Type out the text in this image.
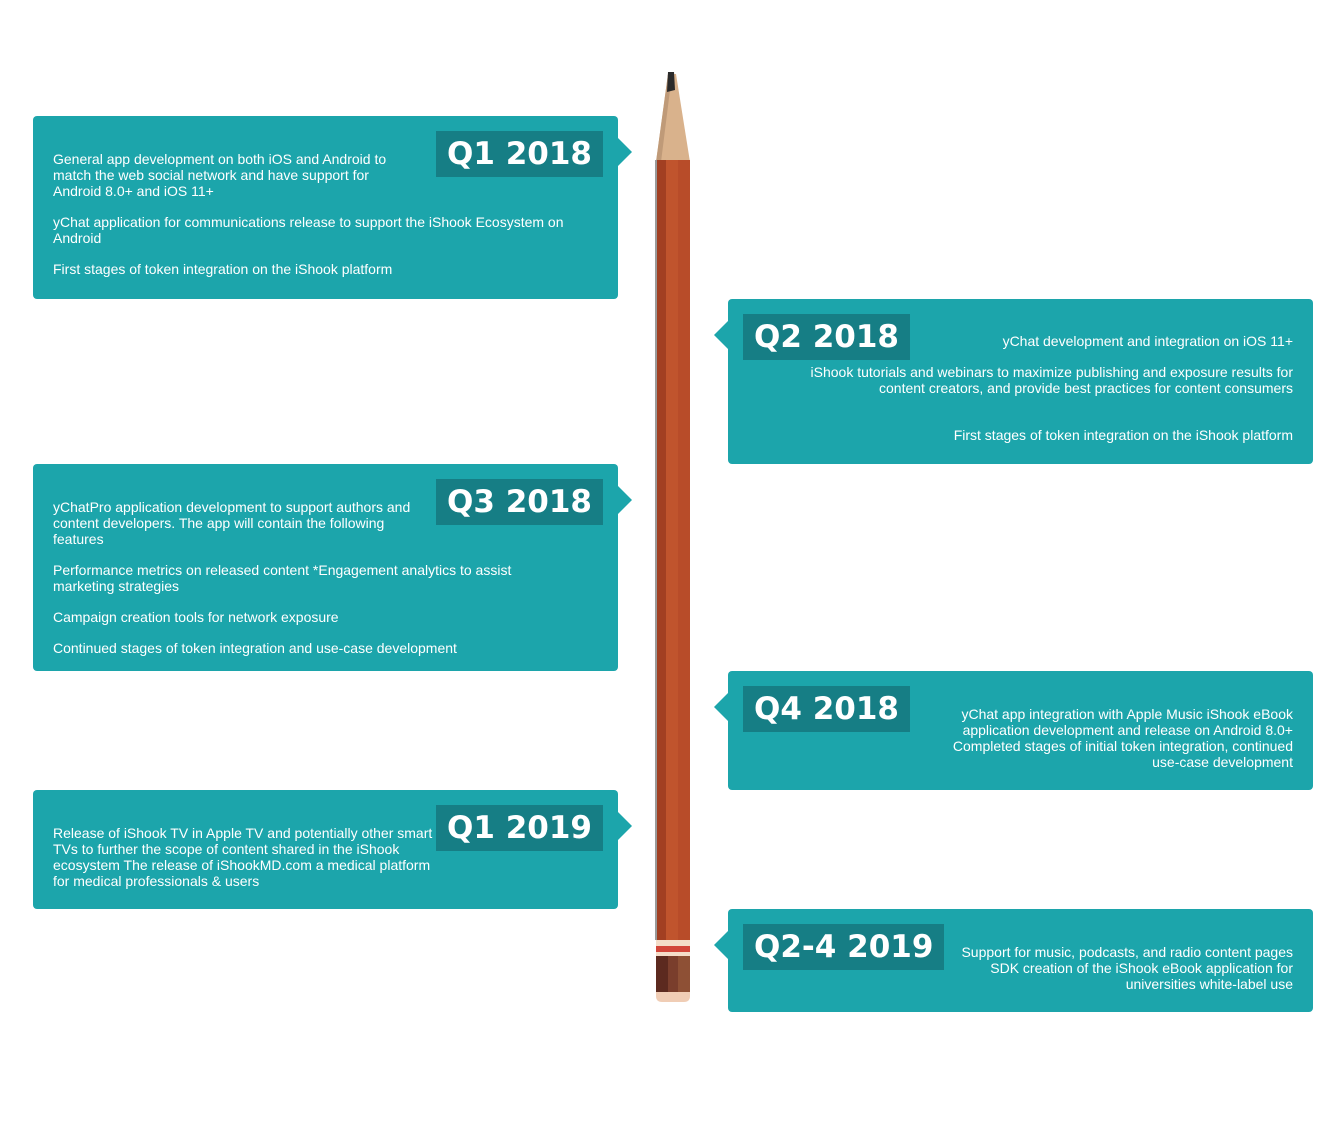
Q1 2018

General app development on both iOS and Android to match the web social network and have support for Android 8.0+ and iOS 11+

yChat application for communications release to support the iShook Ecosystem on Android

First stages of token integration on the iShook platform

Q2 2018	yChat development and integration on iOS 11+

iShook tutorials and webinars to maximize publishing and exposure results for content creators, and provide best practices for content consumers

First stages of token integration on the iShook platform

Q3 2018

yChatPro application development to support authors and content developers. The app will contain the following features

Performance metrics on released content *Engagement analytics to assist marketing strategies

Campaign creation tools for network exposure

Continued stages of token integration and use-case development

Q4 2018	yChat app integration with Apple Music iShook eBook application development and release on Android 8.0+ Completed stages of initial token integration, continued use-case development

Q1 2019

Release of iShook TV in Apple TV and potentially other smart TVs to further the scope of content shared in the iShook ecosystem The release of iShookMD.com a medical platform for medical professionals & users

Q2-4 2019	Support for music, podcasts, and radio content pages SDK creation of the iShook eBook application for universities white-label use
